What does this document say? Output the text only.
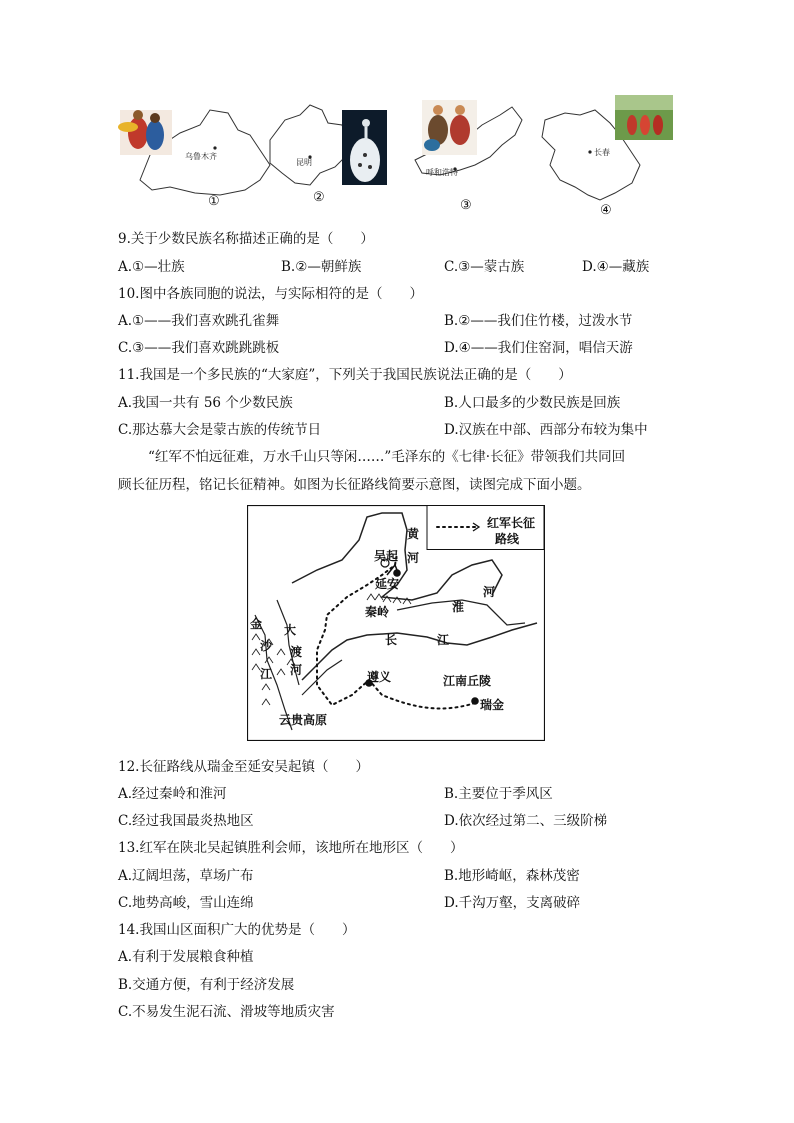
乌鲁木齐
昆明
呼和浩特
长春
①	②
③	④
9.关于少数民族名称描述正确的是（　　）
A.①—壮族	B.②—朝鲜族	C.③—蒙古族	D.④—藏族
10.图中各族同胞的说法，与实际相符的是（　　）
A.①——我们喜欢跳孔雀舞	B.②——我们住竹楼，过泼水节
C.③——我们喜欢跳跳跳板	D.④——我们住窑洞，唱信天游
11.我国是一个多民族的“大家庭”，下列关于我国民族说法正确的是（　　）
A.我国一共有 56 个少数民族	B.人口最多的少数民族是回族
C.那达慕大会是蒙古族的传统节日	D.汉族在中部、西部分布较为集中
“红军不怕远征难，万水千山只等闲……”毛泽东的《七律·长征》带领我们共同回
顾长征历程，铭记长征精神。如图为长征路线简要示意图，读图完成下面小题。
红军长征
路线
黄
河
吴起
延安
秦岭	淮
河
金
沙
江
大
渡
河
长	江
遵义	江南丘陵
瑞金
云贵高原
12.长征路线从瑞金至延安吴起镇（　　）
A.经过秦岭和淮河	B.主要位于季风区
C.经过我国最炎热地区	D.依次经过第二、三级阶梯
13.红军在陕北吴起镇胜利会师，该地所在地形区（　　）
A.辽阔坦荡，草场广布	B.地形崎岖，森林茂密
C.地势高峻，雪山连绵	D.千沟万壑，支离破碎
14.我国山区面积广大的优势是（　　）
A.有利于发展粮食种植
B.交通方便，有利于经济发展
C.不易发生泥石流、滑坡等地质灾害
